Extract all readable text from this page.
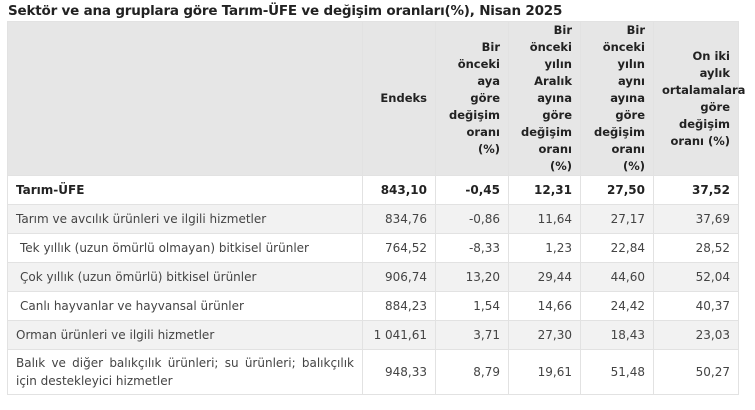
Sektör ve ana gruplara göre Tarım-ÜFE ve değişim oranları(%), Nisan 2025
	Endeks	Bir önceki aya göre değişim oranı (%)	Bir önceki yılın Aralık ayına göre değişim oranı (%)	Bir önceki yılın aynı ayına göre değişim oranı (%)	On iki aylık ortalamalara göre değişim oranı (%)
Tarım-ÜFE	843,10	-0,45	12,31	27,50	37,52
Tarım ve avcılık ürünleri ve ilgili hizmetler	834,76	-0,86	11,64	27,17	37,69
Tek yıllık (uzun ömürlü olmayan) bitkisel ürünler	764,52	-8,33	1,23	22,84	28,52
Çok yıllık (uzun ömürlü) bitkisel ürünler	906,74	13,20	29,44	44,60	52,04
Canlı hayvanlar ve hayvansal ürünler	884,23	1,54	14,66	24,42	40,37
Orman ürünleri ve ilgili hizmetler	1 041,61	3,71	27,30	18,43	23,03
Balık ve diğer balıkçılık ürünleri; su ürünleri; balıkçılık için destekleyici hizmetler	948,33	8,79	19,61	51,48	50,27
